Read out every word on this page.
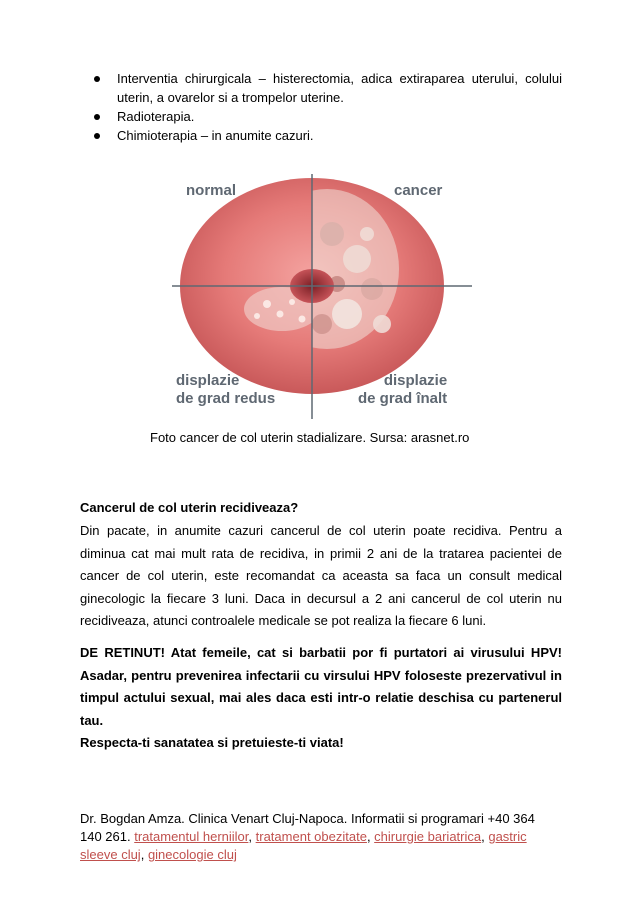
Interventia chirurgicala – histerectomia, adica extiraparea uterului, colului uterin, a ovarelor si a trompelor uterine.
Radioterapia.
Chimioterapia – in anumite cazuri.
normal	cancer
displazie
de grad redus
displazie
de grad înalt
Foto cancer de col uterin stadializare. Sursa: arasnet.ro
Cancerul de col uterin recidiveaza?
Din pacate, in anumite cazuri cancerul de col uterin poate recidiva. Pentru a diminua cat mai mult rata de recidiva, in primii 2 ani de la tratarea pacientei de cancer de col uterin, este recomandat ca aceasta sa faca un consult medical ginecologic la fiecare 3 luni. Daca in decursul a 2 ani cancerul de col uterin nu recidiveaza, atunci controalele medicale se pot realiza la fiecare 6 luni.
DE RETINUT! Atat femeile, cat si barbatii por fi purtatori ai virusului HPV! Asadar, pentru prevenirea infectarii cu virsului HPV foloseste prezervativul in timpul actului sexual, mai ales daca esti intr-o relatie deschisa cu partenerul tau.
Respecta-ti sanatatea si pretuieste-ti viata!
Dr. Bogdan Amza. Clinica Venart Cluj-Napoca. Informatii si programari +40 364
140 261. tratamentul herniilor, tratament obezitate, chirurgie bariatrica, gastric sleeve cluj, ginecologie cluj
